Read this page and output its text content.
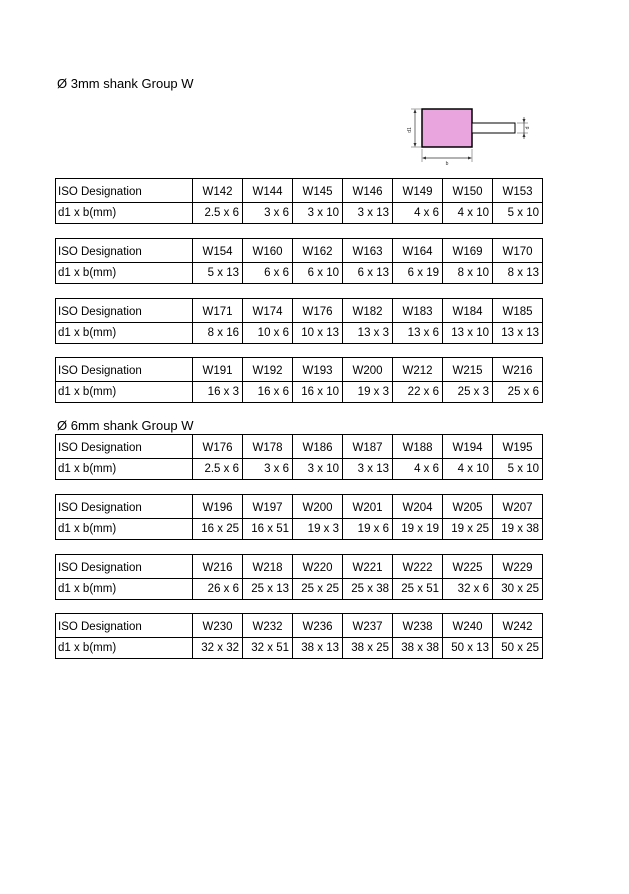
Ø 3mm shank Group W
d1
b
d
Ø 6mm shank Group W
ISO Designation	W142	W144	W145	W146	W149	W150	W153
d1 x b(mm)	2.5 x 6	3 x 6	3 x 10	3 x 13	4 x 6	4 x 10	5 x 10
ISO Designation	W154	W160	W162	W163	W164	W169	W170
d1 x b(mm)	5 x 13	6 x 6	6 x 10	6 x 13	6 x 19	8 x 10	8 x 13
ISO Designation	W171	W174	W176	W182	W183	W184	W185
d1 x b(mm)	8 x 16	10 x 6	10 x 13	13 x 3	13 x 6	13 x 10	13 x 13
ISO Designation	W191	W192	W193	W200	W212	W215	W216
d1 x b(mm)	16 x 3	16 x 6	16 x 10	19 x 3	22 x 6	25 x 3	25 x 6
ISO Designation	W176	W178	W186	W187	W188	W194	W195
d1 x b(mm)	2.5 x 6	3 x 6	3 x 10	3 x 13	4 x 6	4 x 10	5 x 10
ISO Designation	W196	W197	W200	W201	W204	W205	W207
d1 x b(mm)	16 x 25	16 x 51	19 x 3	19 x 6	19 x 19	19 x 25	19 x 38
ISO Designation	W216	W218	W220	W221	W222	W225	W229
d1 x b(mm)	26 x 6	25 x 13	25 x 25	25 x 38	25 x 51	32 x 6	30 x 25
ISO Designation	W230	W232	W236	W237	W238	W240	W242
d1 x b(mm)	32 x 32	32 x 51	38 x 13	38 x 25	38 x 38	50 x 13	50 x 25
